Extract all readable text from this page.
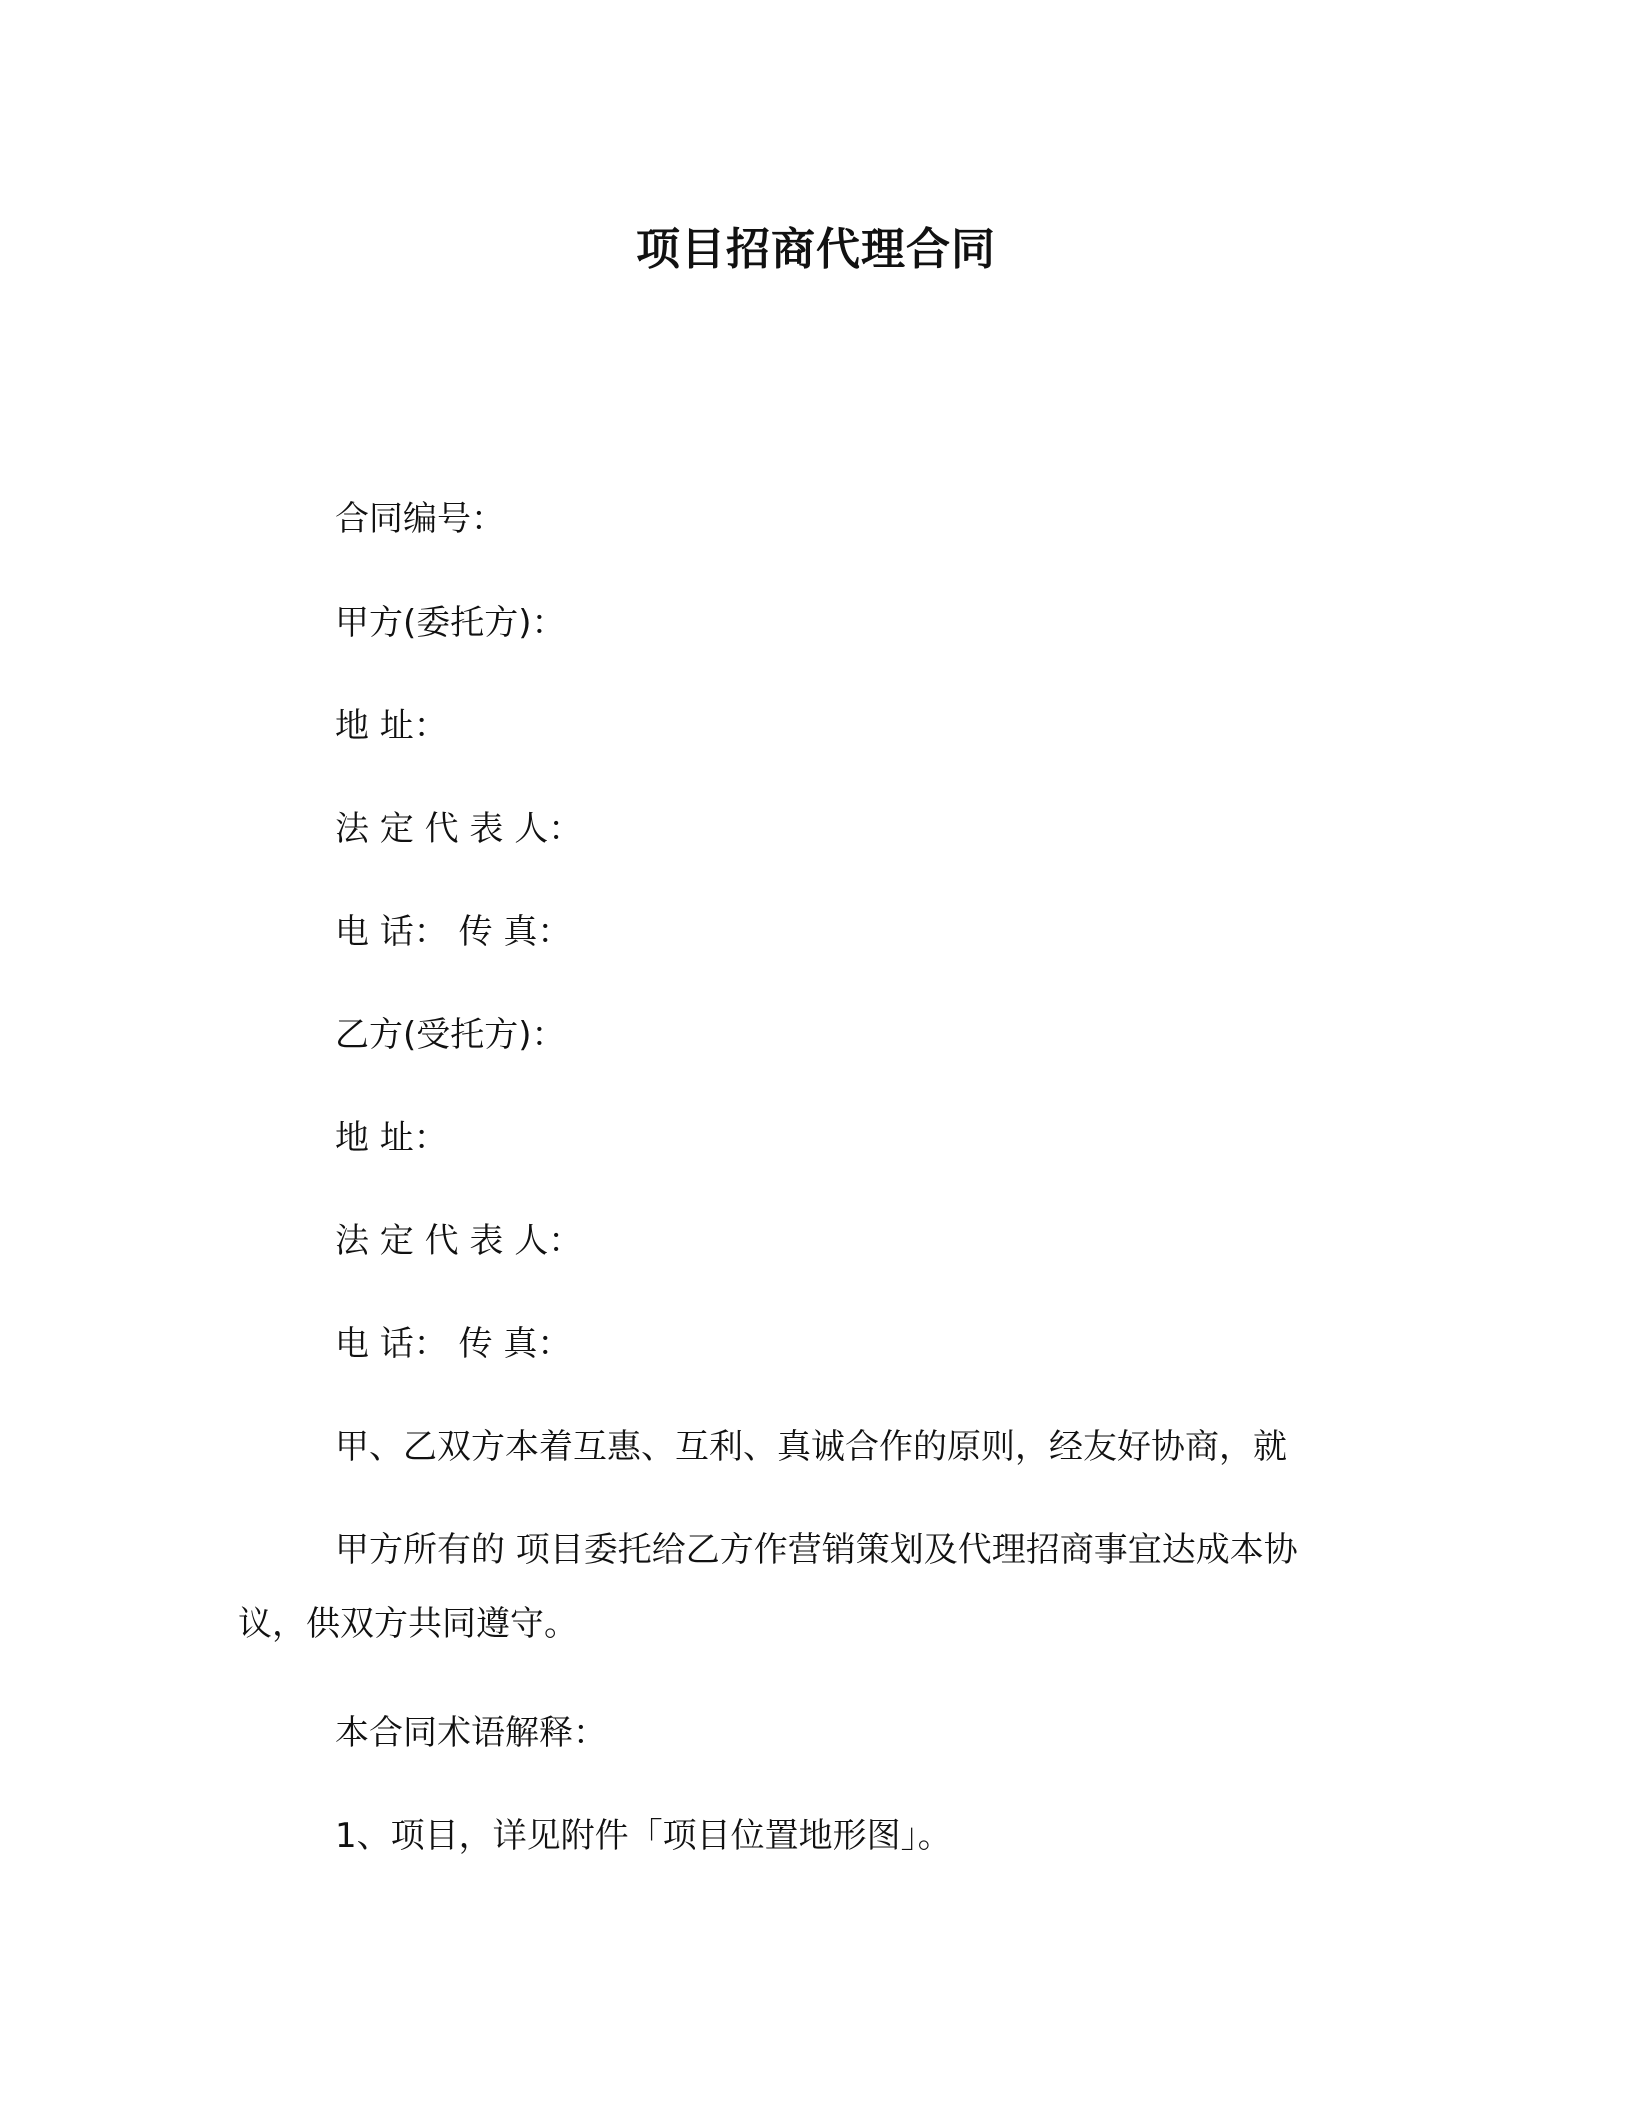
项目招商代理合同
合同编号：
甲方(委托方)：
地 址：
法 定 代 表 人：
电 话： 传 真：
乙方(受托方)：
地 址：
法 定 代 表 人：
电 话： 传 真：
甲、乙双方本着互惠、互利、真诚合作的原则，经友好协商，就
甲方所有的 项目委托给乙方作营销策划及代理招商事宜达成本协
议，供双方共同遵守。
本合同术语解释：
1、项目，详见附件「项目位置地形图」。
